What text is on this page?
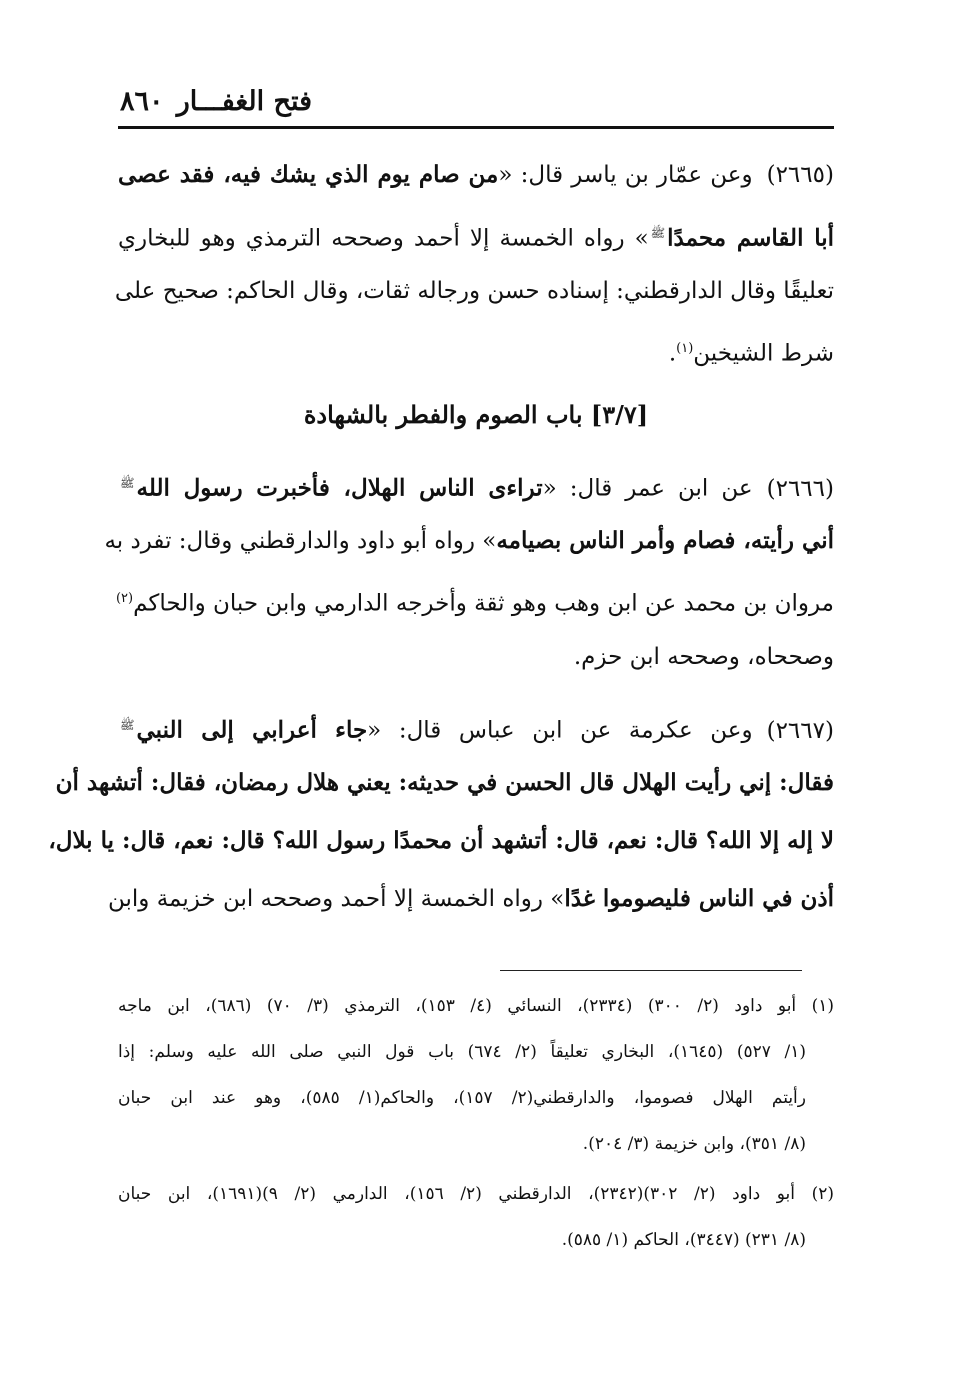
فتح الغفـــار
٨٦٠
(٢٦٦٥)وعن عمّار بن ياسر قال: «من صام يوم الذي يشك فيه، فقد عصى
أبا القاسم محمدًا$^ﷺ$» رواه الخمسة إلا أحمد وصححه الترمذي وهو للبخاري
تعليقًا وقال الدارقطني: إسناده حسن ورجاله ثقات، وقال الحاكم: صحيح على
شرط الشيخين$^{(١)}$.
[٣/٧] باب الصوم والفطر بالشهادة
(٢٦٦٦)عن ابن عمر قال: «تراءى الناس الهلال، فأخبرت رسول الله$^ﷺ$
أني رأيته، فصام وأمر الناس بصيامه» رواه أبو داود والدارقطني وقال: تفرد به
مروان بن محمد عن ابن وهب وهو ثقة وأخرجه الدارمي وابن حبان والحاكم$^{(٢)}$
وصححاه، وصححه ابن حزم.
(٢٦٦٧)وعن عكرمة عن ابن عباس قال: «جاء أعرابي إلى النبي$^ﷺ$
فقال: إني رأيت الهلال قال الحسن في حديثه: يعني هلال رمضان، فقال: أتشهد أن
لا إله إلا الله؟ قال: نعم، قال: أتشهد أن محمدًا رسول الله؟ قال: نعم، قال: يا بلال،
أذن في الناس فليصوموا غدًا» رواه الخمسة إلا أحمد وصححه ابن خزيمة وابن
(١) أبو داود (٢/ ٣٠٠) (٢٣٣٤)، النسائي (٤/ ١٥٣)، الترمذي (٣/ ٧٠) (٦٨٦)، ابن ماجه
(١/ ٥٢٧) (١٦٤٥)، البخاري تعليقاً (٢/ ٦٧٤) باب قول النبي صلى الله عليه وسلم: إذا
رأيتم الهلال فصوموا، والدارقطني(٢/ ١٥٧)، والحاكم(١/ ٥٨٥)، وهو عند ابن حبان
(٨/ ٣٥١)، وابن خزيمة (٣/ ٢٠٤).
(٢) أبو داود (٢/ ٣٠٢)(٢٣٤٢)، الدارقطني (٢/ ١٥٦)، الدارمي (٢/ ٩)(١٦٩١)، ابن حبان
(٨/ ٢٣١) (٣٤٤٧)، الحاكم (١/ ٥٨٥).
